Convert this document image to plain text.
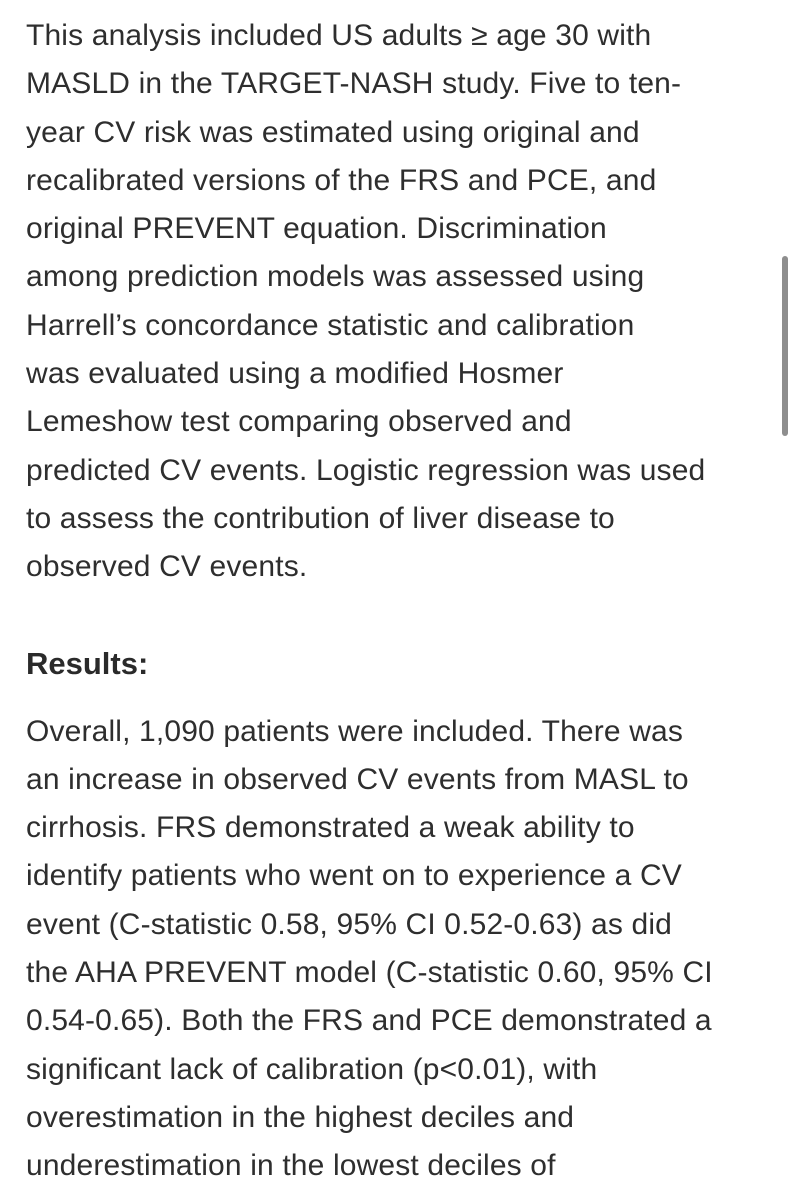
This analysis included US adults ≥ age 30 with
MASLD in the TARGET-NASH study. Five to ten-
year CV risk was estimated using original and
recalibrated versions of the FRS and PCE, and
original PREVENT equation. Discrimination
among prediction models was assessed using
Harrell’s concordance statistic and calibration
was evaluated using a modified Hosmer
Lemeshow test comparing observed and
predicted CV events. Logistic regression was used
to assess the contribution of liver disease to
observed CV events.

Results:

Overall, 1,090 patients were included. There was
an increase in observed CV events from MASL to
cirrhosis. FRS demonstrated a weak ability to
identify patients who went on to experience a CV
event (C-statistic 0.58, 95% CI 0.52-0.63) as did
the AHA PREVENT model (C-statistic 0.60, 95% CI
0.54-0.65). Both the FRS and PCE demonstrated a
significant lack of calibration (p<0.01), with
overestimation in the highest deciles and
underestimation in the lowest deciles of
